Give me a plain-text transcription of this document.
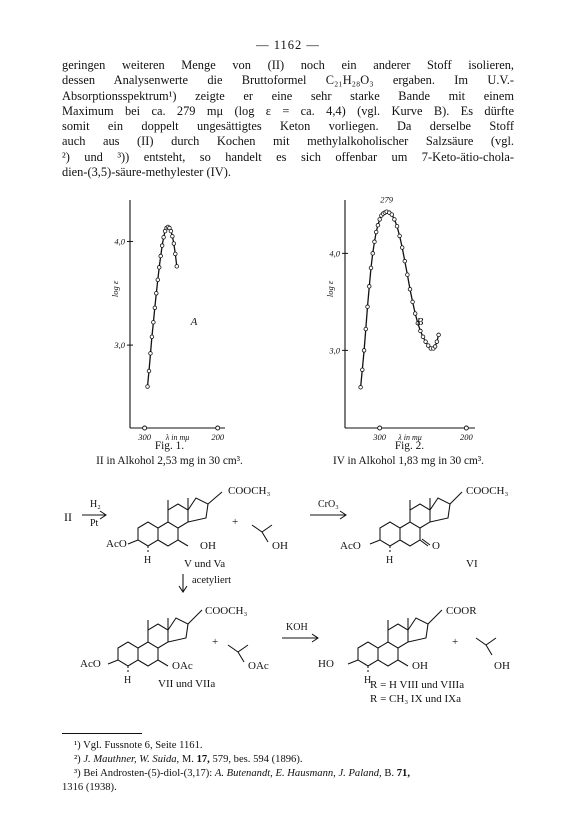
— 1162 —
geringen weiteren Menge von (II) noch ein anderer Stoff isolieren,
dessen Analysenwerte die Bruttoformel C₂₁H₂₈O₃ ergaben. Im U.V.-
Absorptionsspektrum¹) zeigte er eine sehr starke Bande mit einem
Maximum bei ca. 279 mμ (log ε = ca. 4,4) (vgl. Kurve B). Es dürfte
somit ein doppelt ungesättigtes Keton vorliegen. Da derselbe Stoff
auch aus (II) durch Kochen mit methylalkoholischer Salzsäure (vgl.
²) und ³)) entsteht, so handelt es sich offenbar um 7-Keto-ätio-chola-
dien-(3,5)-säure-methylester (IV).
4,0
3,0
300	200
λ in mμ
log ε
A
4,0
3,0
300	200
λ in mμ
log ε
B
279
Fig. 1.
II in Alkohol 2,53 mg in 30 cm³.
Fig. 2.
IV in Alkohol 1,83 mg in 30 cm³.
II
H₂
Pt
COOCH₃
AcO
H
OH
+
OH
V und Va
CrO₃
COOCH₃
AcO
H
O
VI
acetyliert
COOCH₃
AcO
H
OAc
+
OAc
VII und VIIa
KOH
COOR
HO
H
OH
+
OH
R = H VIII und VIIIa
R = CH₃ IX und IXa
¹) Vgl. Fussnote 6, Seite 1161.
²) J. Mauthner, W. Suida, M. 17, 579, bes. 594 (1896).
³) Bei Androsten-(5)-diol-(3,17): A. Butenandt, E. Hausmann, J. Paland, B. 71,
1316 (1938).
